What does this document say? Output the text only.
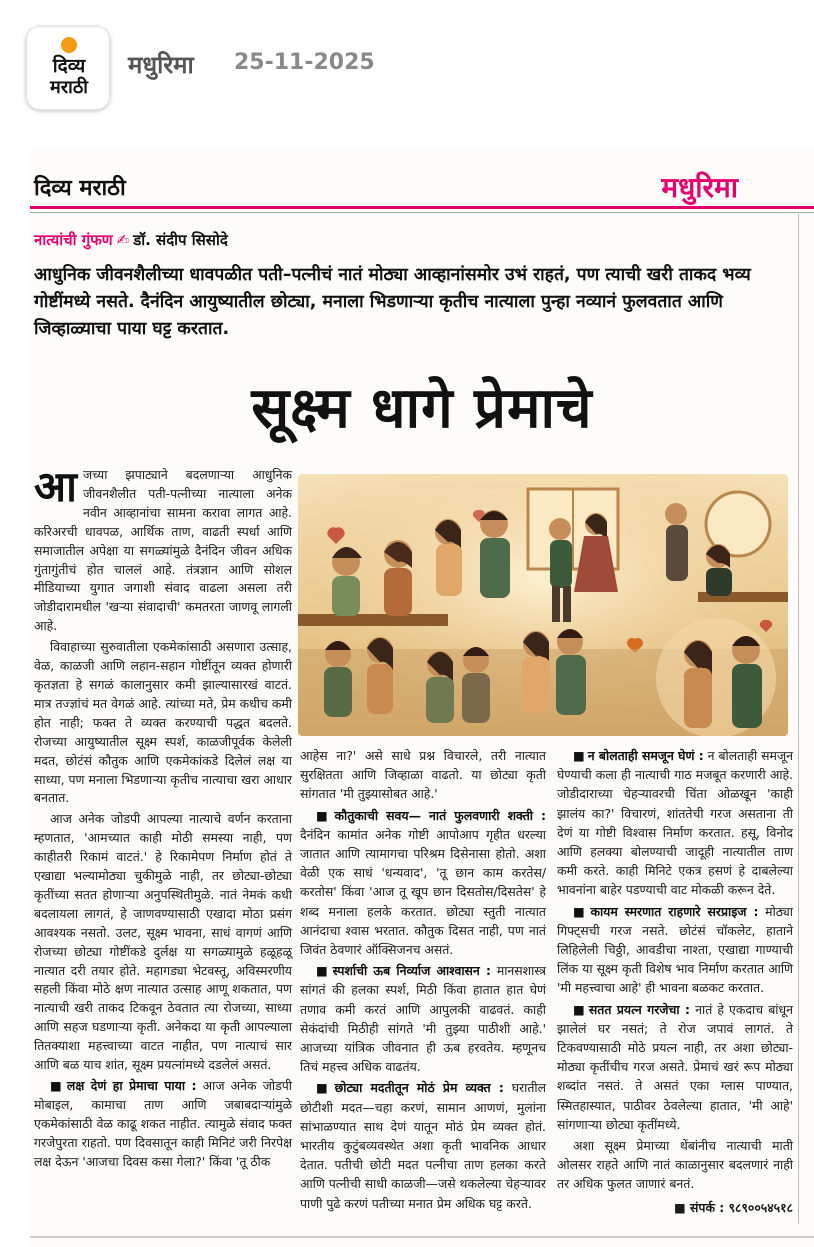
दिव्य
मराठी
मधुरिमा 25-11-2025
दिव्य मराठी	मधुरिमा
नात्यांची गुंफण ✍ डॉ. संदीप सिसोदे
आधुनिक जीवनशैलीच्या धावपळीत पती–पत्नीचं नातं मोठ्या आव्हानांसमोर उभं राहतं, पण त्याची खरी ताकद भव्य गोष्टींमध्ये नसते. दैनंदिन आयुष्यातील छोट्या, मनाला भिडणाऱ्या कृतीच नात्याला पुन्हा नव्यानं फुलवतात आणि जिव्हाळ्याचा पाया घट्ट करतात.
सूक्ष्म धागे प्रेमाचे

आजच्या झपाट्याने बदलणाऱ्या आधुनिक जीवनशैलीत पती-पत्नीच्या नात्याला अनेक नवीन आव्हानांचा सामना करावा लागत आहे. करिअरची धावपळ, आर्थिक ताण, वाढती स्पर्धा आणि समाजातील अपेक्षा या सगळ्यांमुळे दैनंदिन जीवन अधिक गुंतागुंतीचं होत चाललं आहे. तंत्रज्ञान आणि सोशल मीडियाच्या युगात जगाशी संवाद वाढला असला तरी जोडीदारामधील 'खऱ्या संवादाची' कमतरता जाणवू लागली आहे.

विवाहाच्या सुरुवातीला एकमेकांसाठी असणारा उत्साह, वेळ, काळजी आणि लहान-सहान गोष्टींतून व्यक्त होणारी कृतज्ञता हे सगळं कालानुसार कमी झाल्यासारखं वाटतं. मात्र तज्ज्ञांचं मत वेगळं आहे. त्यांच्या मते, प्रेम कधीच कमी होत नाही; फक्त ते व्यक्त करण्याची पद्धत बदलते. रोजच्या आयुष्यातील सूक्ष्म स्पर्श, काळजीपूर्वक केलेली मदत, छोटंसं कौतुक आणि एकमेकांकडे दिलेलं लक्ष या साध्या, पण मनाला भिडणाऱ्या कृतीच नात्याचा खरा आधार बनतात.

आज अनेक जोडपी आपल्या नात्याचे वर्णन करताना म्हणतात, 'आमच्यात काही मोठी समस्या नाही, पण काहीतरी रिकामं वाटतं.' हे रिकामेपण निर्माण होतं ते एखाद्या भल्यामोठ्या चुकीमुळे नाही, तर छोट्या-छोट्या कृतींच्या सतत होणाऱ्या अनुपस्थितीमुळे. नातं नेमकं कधी बदलायला लागतं, हे जाणवण्यासाठी एखादा मोठा प्रसंग आवश्यक नसतो. उलट, सूक्ष्म भावना, साधं वागणं आणि रोजच्या छोट्या गोष्टींकडे दुर्लक्ष या सगळ्यामुळे हळूहळू नात्यात दरी तयार होते. महागड्या भेटवस्तू, अविस्मरणीय सहली किंवा मोठे क्षण नात्यात उत्साह आणू शकतात, पण नात्याची खरी ताकद टिकवून ठेवतात त्या रोजच्या, साध्या आणि सहज घडणाऱ्या कृती. अनेकदा या कृती आपल्याला तितक्याशा महत्त्वाच्या वाटत नाहीत, पण नात्याचं सार आणि बळ याच शांत, सूक्ष्म प्रयत्नांमध्ये दडलेलं असतं.

■ लक्ष देणं हा प्रेमाचा पाया : आज अनेक जोडपी मोबाइल, कामाचा ताण आणि जबाबदाऱ्यांमुळे एकमेकांसाठी वेळ काढू शकत नाहीत. त्यामुळे संवाद फक्त गरजेपुरता राहतो. पण दिवसातून काही मिनिटं जरी निरपेक्ष लक्ष देऊन 'आजचा दिवस कसा गेला?' किंवा 'तू ठीक

आहेस ना?' असे साधे प्रश्न विचारले, तरी नात्यात सुरक्षितता आणि जिव्हाळा वाढतो. या छोट्या कृती सांगतात 'मी तुझ्यासोबत आहे.'

■ कौतुकाची सवय— नातं फुलवणारी शक्ती : दैनंदिन कामांत अनेक गोष्टी आपोआप गृहीत धरल्या जातात आणि त्यामागचा परिश्रम दिसेनासा होतो. अशा वेळी एक साधं 'धन्यवाद', 'तू छान काम करतेस/करतोस' किंवा 'आज तू खूप छान दिसतोस/दिसतेस' हे शब्द मनाला हलके करतात. छोट्या स्तुती नात्यात आनंदाचा श्वास भरतात. कौतुक दिसत नाही, पण नातं जिवंत ठेवणारं ऑक्सिजनच असतं.

■ स्पर्शाची ऊब निर्व्याज आश्वासन : मानसशास्त्र सांगतं की हलका स्पर्श, मिठी किंवा हातात हात घेणं तणाव कमी करतं आणि आपुलकी वाढवतं. काही सेकंदांची मिठीही सांगते 'मी तुझ्या पाठीशी आहे.' आजच्या यांत्रिक जीवनात ही ऊब हरवतेय. म्हणूनच तिचं महत्त्व अधिक वाढतंय.

■ छोट्या मदतीतून मोठं प्रेम व्यक्त : घरातील छोटीशी मदत—चहा करणं, सामान आणणं, मुलांना सांभाळण्यात साथ देणं यातून मोठं प्रेम व्यक्त होतं. भारतीय कुटुंबव्यवस्थेत अशा कृती भावनिक आधार देतात. पतीची छोटी मदत पत्नीचा ताण हलका करते आणि पत्नीची साधी काळजी—जसे थकलेल्या चेहऱ्यावर पाणी पुढे करणं पतीच्या मनात प्रेम अधिक घट्ट करते.

■ न बोलताही समजून घेणं : न बोलताही समजून घेण्याची कला ही नात्याची गाठ मजबूत करणारी आहे. जोडीदाराच्या चेहऱ्यावरची चिंता ओळखून 'काही झालंय का?' विचारणं, शांततेची गरज असताना ती देणं या गोष्टी विश्वास निर्माण करतात. हसू, विनोद आणि हलक्या बोलण्याची जादूही नात्यातील ताण कमी करते. काही मिनिटे एकत्र हसणं हे दाबलेल्या भावनांना बाहेर पडण्याची वाट मोकळी करून देते.

■ कायम स्मरणात राहणारे सरप्राइज : मोठ्या गिफ्ट्सची गरज नसते. छोटंसं चॉकलेट, हाताने लिहिलेली चिठ्ठी, आवडीचा नाश्ता, एखाद्या गाण्याची लिंक या सूक्ष्म कृती विशेष भाव निर्माण करतात आणि 'मी महत्त्वाचा आहे' ही भावना बळकट करतात.

■ सतत प्रयत्न गरजेचा : नातं हे एकदाच बांधून झालेलं घर नसतं; ते रोज जपावं लागतं. ते टिकवण्यासाठी मोठे प्रयत्न नाही, तर अशा छोट्या-मोठ्या कृतींचीच गरज असते. प्रेमाचं खरं रूप मोठ्या शब्दांत नसतं. ते असतं एका ग्लास पाण्यात, स्मितहास्यात, पाठीवर ठेवलेल्या हातात, 'मी आहे' सांगणाऱ्या छोट्या कृतींमध्ये.

अशा सूक्ष्म प्रेमाच्या थेंबांनीच नात्याची माती ओलसर राहते आणि नातं काळानुसार बदलणारं नाही तर अधिक फुलत जाणारं बनतं.

■ संपर्क : ९८९००५४५१८
